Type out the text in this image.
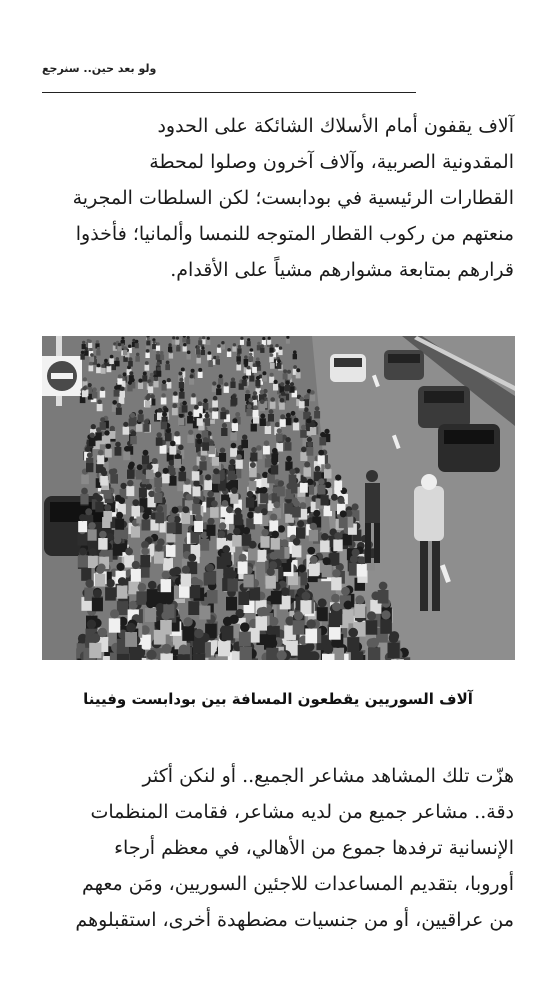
ولو بعد حين.. سنرجع
آلاف يقفون أمام الأسلاك الشائكة على الحدود
المقدونية الصربية، وآلاف آخرون وصلوا لمحطة
القطارات الرئيسية في بودابست؛ لكن السلطات المجرية
منعتهم من ركوب القطار المتوجه للنمسا وألمانيا؛ فأخذوا
قرارهم بمتابعة مشوارهم مشياً على الأقدام.
آلاف السوريين يقطعون المسافة بين بودابست وفيينا
هزّت تلك المشاهد مشاعر الجميع.. أو لنكن أكثر
دقة.. مشاعر جميع من لديه مشاعر، فقامت المنظمات
الإنسانية ترفدها جموع من الأهالي، في معظم أرجاء
أوروبا، بتقديم المساعدات للاجئين السوريين، ومَن معهم
من عراقيين، أو من جنسيات مضطهدة أخرى، استقبلوهم
